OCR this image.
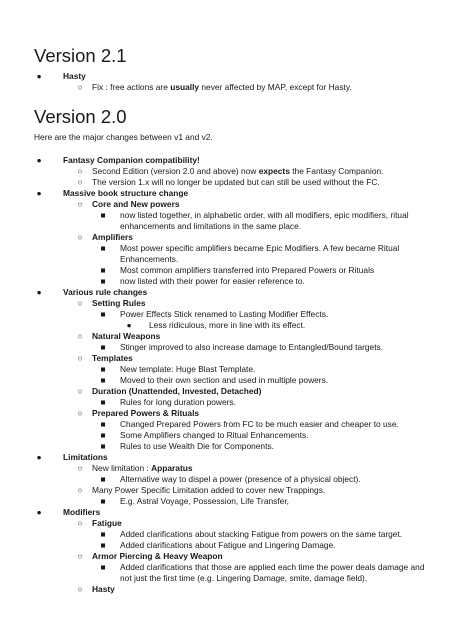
Version 2.1
●	Hasty
○ Fix : free actions are usually never affected by MAP, except for Hasty.
Version 2.0
Here are the major changes between v1 and v2.
●	Fantasy Companion compatibility!
○ Second Edition (version 2.0 and above) now expects the Fantasy Companion.
○ The version 1.x will no longer be updated but can still be used without the FC.
●	Massive book structure change
○ Core and New powers
■ now listed together, in alphabetic order, with all modifiers, epic modifiers, ritual
enhancements and limitations in the same place.
○ Amplifiers
■ Most power specific amplifiers became Epic Modifiers. A few became Ritual
Enhancements.
■ Most common amplifiers transferred into Prepared Powers or Rituals
■ now listed with their power for easier reference to.
●	Various rule changes
○ Setting Rules
■ Power Effects Stick renamed to Lasting Modifier Effects.
● Less ridiculous, more in line with its effect.
○ Natural Weapons
■ Stinger improved to also increase damage to Entangled/Bound targets.
○ Templates
■ New template: Huge Blast Template.
■ Moved to their own section and used in multiple powers.
○ Duration (Unattended, Invested, Detached)
■ Rules for long duration powers.
○ Prepared Powers & Rituals
■ Changed Prepared Powers from FC to be much easier and cheaper to use.
■ Some Amplifiers changed to Ritual Enhancements.
■ Rules to use Wealth Die for Components.
●	Limitations
○ New limitation : Apparatus
■ Alternative way to dispel a power (presence of a physical object).
○ Many Power Specific Limitation added to cover new Trappings.
■ E.g. Astral Voyage, Possession, Life Transfer,
●	Modifiers
○ Fatigue
■ Added clarifications about stacking Fatigue from powers on the same target.
■ Added clarifications about Fatigue and Lingering Damage.
○ Armor Piercing & Heavy Weapon
■ Added clarifications that those are applied each time the power deals damage and
not just the first time (e.g. Lingering Damage, smite, damage field).
○ Hasty
